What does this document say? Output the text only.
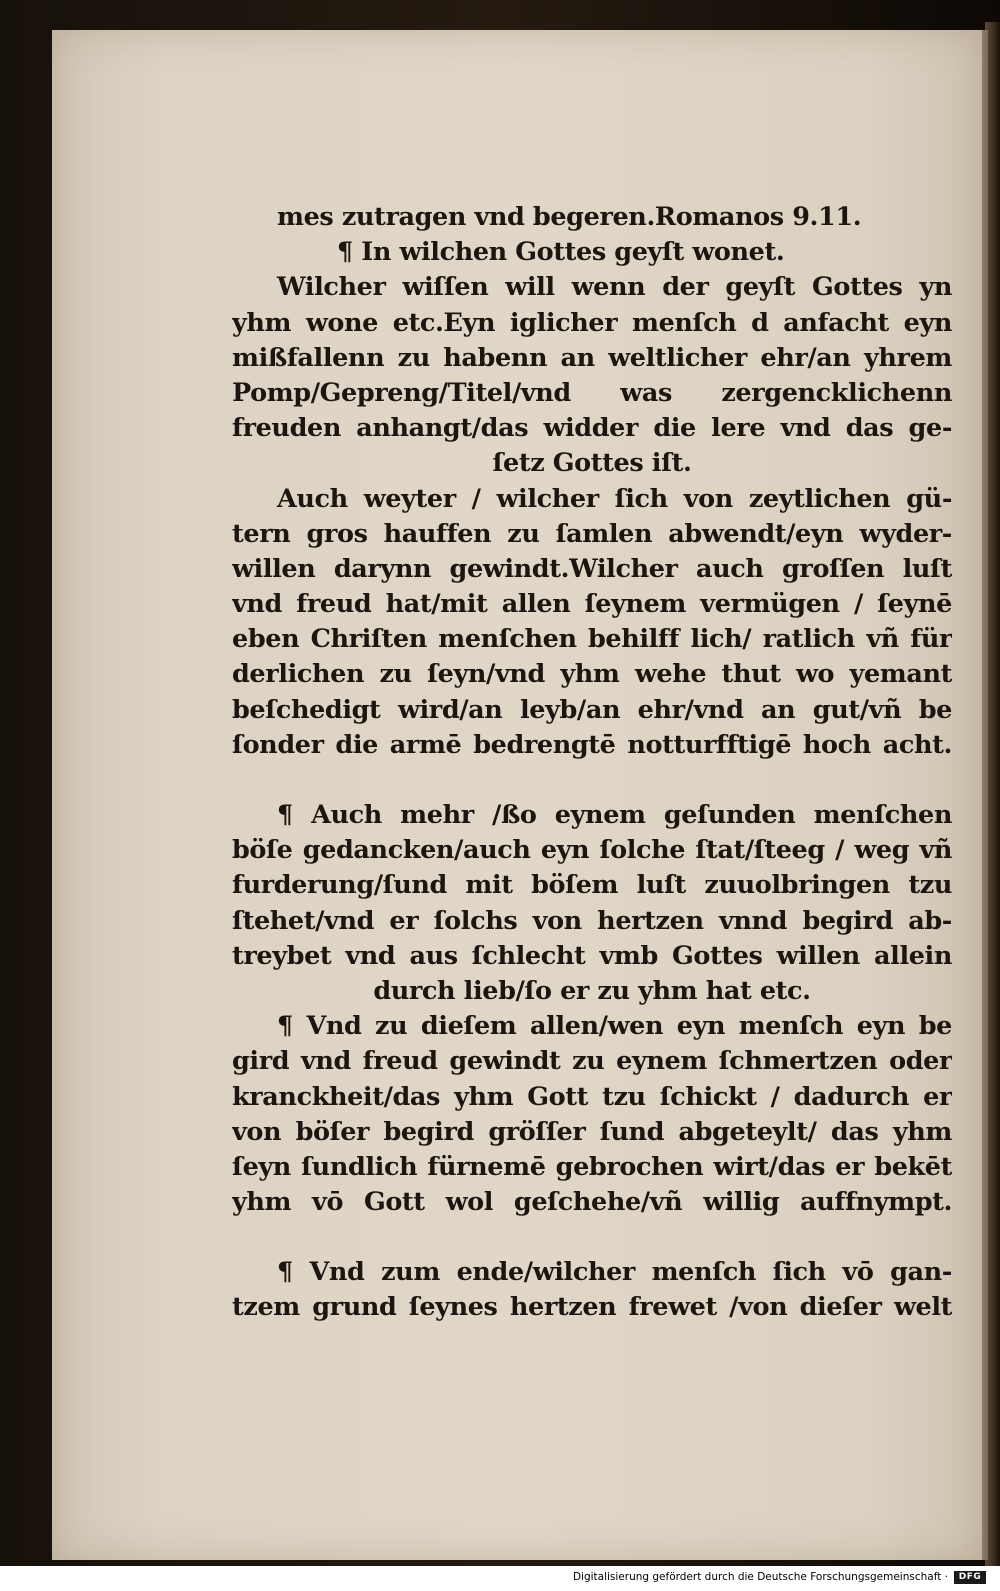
mes zutragen vnd begeren.Romanos 9.11.
¶ In wilchen Gottes geyſt wonet.
Wilcher wiſſen will wenn der geyſt Gottes yn
yhm wone etc.Eyn iglicher menſch d anfacht eyn
mißfallenn zu habenn an weltlicher ehr/an yhrem
Pomp/Gepreng/Titel/vnd was zergencklichenn
freuden anhangt/das widder die lere vnd das ge-
ſetz Gottes iſt.
Auch weyter / wilcher ſich von zeytlichen gü-
tern gros hauffen zu ſamlen abwendt/eyn wyder-
willen darynn gewindt.Wilcher auch groſſen luſt
vnd freud hat/mit allen ſeynem vermügen / ſeynē
eben Chriſten menſchen behilff lich/ ratlich vñ für
derlichen zu ſeyn/vnd yhm wehe thut wo yemant
beſchedigt wird/an leyb/an ehr/vnd an gut/vñ be
ſonder die armē bedrengtē notturfftigē hoch acht.
¶ Auch mehr /ßo eynem geſunden menſchen
böſe gedancken/auch eyn ſolche ſtat/ſteeg / weg vñ
furderung/ſund mit böſem luſt zuuolbringen tzu
ſtehet/vnd er ſolchs von hertzen vnnd begird ab-
treybet vnd aus ſchlecht vmb Gottes willen allein
durch lieb/ſo er zu yhm hat etc.
¶ Vnd zu dieſem allen/wen eyn menſch eyn be
gird vnd freud gewindt zu eynem ſchmertzen oder
kranckheit/das yhm Gott tzu ſchickt / dadurch er
von böſer begird gröſſer ſund abgeteylt/ das yhm
ſeyn ſundlich fürnemē gebrochen wirt/das er bekēt
yhm vō Gott wol geſchehe/vñ willig auffnympt.
¶ Vnd zum ende/wilcher menſch ſich vō gan-
tzem grund ſeynes hertzen frewet /von dieſer welt
Digitalisierung gefördert durch die Deutsche Forschungsgemeinschaft ·	DFG
